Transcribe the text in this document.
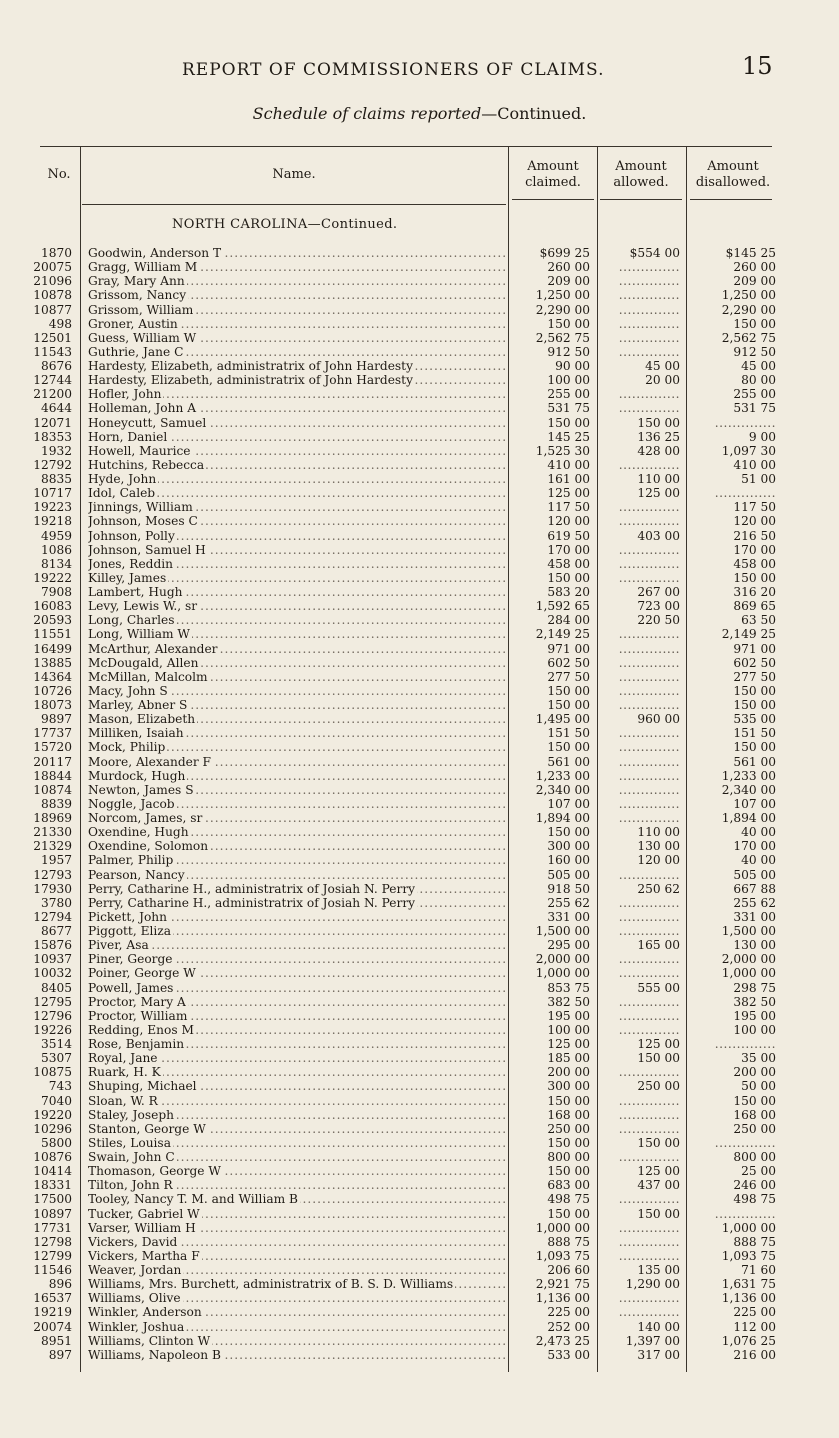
REPORT OF COMMISSIONERS OF CLAIMS.	15
Schedule of claims reported—Continued.
No.	Name.
Amount claimed.
Amount allowed.
Amount disallowed.
NORTH CAROLINA—Continued.
1870 Goodwin, Anderson T .....	$699 25	$554 00	$145 25
20075 Gragg, William M .....	260 00	..............	260 00
21096 Gray, Mary Ann .....	209 00	..............	209 00
10878 Grissom, Nancy .....	1,250 00	..............	1,250 00
10877 Grissom, William .....	2,290 00	..............	2,290 00
498 Groner, Austin .....	150 00	..............	150 00
12501 Guess, William W .....	2,562 75	..............	2,562 75
11543 Guthrie, Jane C .....	912 50	..............	912 50
8676 Hardesty, Elizabeth, administratrix of John Hardesty .....	90 00	45 00	45 00
12744 Hardesty, Elizabeth, administratrix of John Hardesty .....	100 00	20 00	80 00
21200 Hofler, John .....	255 00	..............	255 00
4644 Holleman, John A .....	531 75	..............	531 75
12071 Honeycutt, Samuel .....	150 00	150 00	..............
18353 Horn, Daniel .....	145 25	136 25	9 00
1932 Howell, Maurice .....	1,525 30	428 00	1,097 30
12792 Hutchins, Rebecca .....	410 00	..............	410 00
8835 Hyde, John .....	161 00	110 00	51 00
10717 Idol, Caleb .....	125 00	125 00	..............
19223 Jinnings, William .....	117 50	..............	117 50
19218 Johnson, Moses C .....	120 00	..............	120 00
4959 Johnson, Polly .....	619 50	403 00	216 50
1086 Johnson, Samuel H .....	170 00	..............	170 00
8134 Jones, Reddin .....	458 00	..............	458 00
19222 Killey, James .....	150 00	..............	150 00
7908 Lambert, Hugh .....	583 20	267 00	316 20
16083 Levy, Lewis W., sr .....	1,592 65	723 00	869 65
20593 Long, Charles .....	284 00	220 50	63 50
11551 Long, William W .....	2,149 25	..............	2,149 25
16499 McArthur, Alexander .....	971 00	..............	971 00
13885 McDougald, Allen .....	602 50	..............	602 50
14364 McMillan, Malcolm .....	277 50	..............	277 50
10726 Macy, John S .....	150 00	..............	150 00
18073 Marley, Abner S .....	150 00	..............	150 00
9897 Mason, Elizabeth .....	1,495 00	960 00	535 00
17737 Milliken, Isaiah .....	151 50	..............	151 50
15720 Mock, Philip .....	150 00	..............	150 00
20117 Moore, Alexander F .....	561 00	..............	561 00
18844 Murdock, Hugh .....	1,233 00	..............	1,233 00
10874 Newton, James S .....	2,340 00	..............	2,340 00
8839 Noggle, Jacob .....	107 00	..............	107 00
18969 Norcom, James, sr .....	1,894 00	..............	1,894 00
21330 Oxendine, Hugh .....	150 00	110 00	40 00
21329 Oxendine, Solomon .....	300 00	130 00	170 00
1957 Palmer, Philip .....	160 00	120 00	40 00
12793 Pearson, Nancy .....	505 00	..............	505 00
17930 Perry, Catharine H., administratrix of Josiah N. Perry .....	918 50	250 62	667 88
3780 Perry, Catharine H., administratrix of Josiah N. Perry .....	255 62	..............	255 62
12794 Pickett, John .....	331 00	..............	331 00
8677 Piggott, Eliza .....	1,500 00	..............	1,500 00
15876 Piver, Asa .....	295 00	165 00	130 00
10937 Piner, George .....	2,000 00	..............	2,000 00
10032 Poiner, George W .....	1,000 00	..............	1,000 00
8405 Powell, James .....	853 75	555 00	298 75
12795 Proctor, Mary A .....	382 50	..............	382 50
12796 Proctor, William .....	195 00	..............	195 00
19226 Redding, Enos M .....	100 00	..............	100 00
3514 Rose, Benjamin .....	125 00	125 00	..............
5307 Royal, Jane .....	185 00	150 00	35 00
10875 Ruark, H. K .....	200 00	..............	200 00
743 Shuping, Michael .....	300 00	250 00	50 00
7040 Sloan, W. R .....	150 00	..............	150 00
19220 Staley, Joseph .....	168 00	..............	168 00
10296 Stanton, George W .....	250 00	..............	250 00
5800 Stiles, Louisa .....	150 00	150 00	..............
10876 Swain, John C .....	800 00	..............	800 00
10414 Thomason, George W .....	150 00	125 00	25 00
18331 Tilton, John R .....	683 00	437 00	246 00
17500 Tooley, Nancy T. M. and William B .....	498 75	..............	498 75
10897 Tucker, Gabriel W .....	150 00	150 00	..............
17731 Varser, William H .....	1,000 00	..............	1,000 00
12798 Vickers, David .....	888 75	..............	888 75
12799 Vickers, Martha F .....	1,093 75	..............	1,093 75
11546 Weaver, Jordan .....	206 60	135 00	71 60
896 Williams, Mrs. Burchett, administratrix of B. S. D. Williams .....	2,921 75	1,290 00	1,631 75
16537 Williams, Olive .....	1,136 00	..............	1,136 00
19219 Winkler, Anderson .....	225 00	..............	225 00
20074 Winkler, Joshua .....	252 00	140 00	112 00
8951 Williams, Clinton W .....	2,473 25	1,397 00	1,076 25
897 Williams, Napoleon B .....	533 00	317 00	216 00
